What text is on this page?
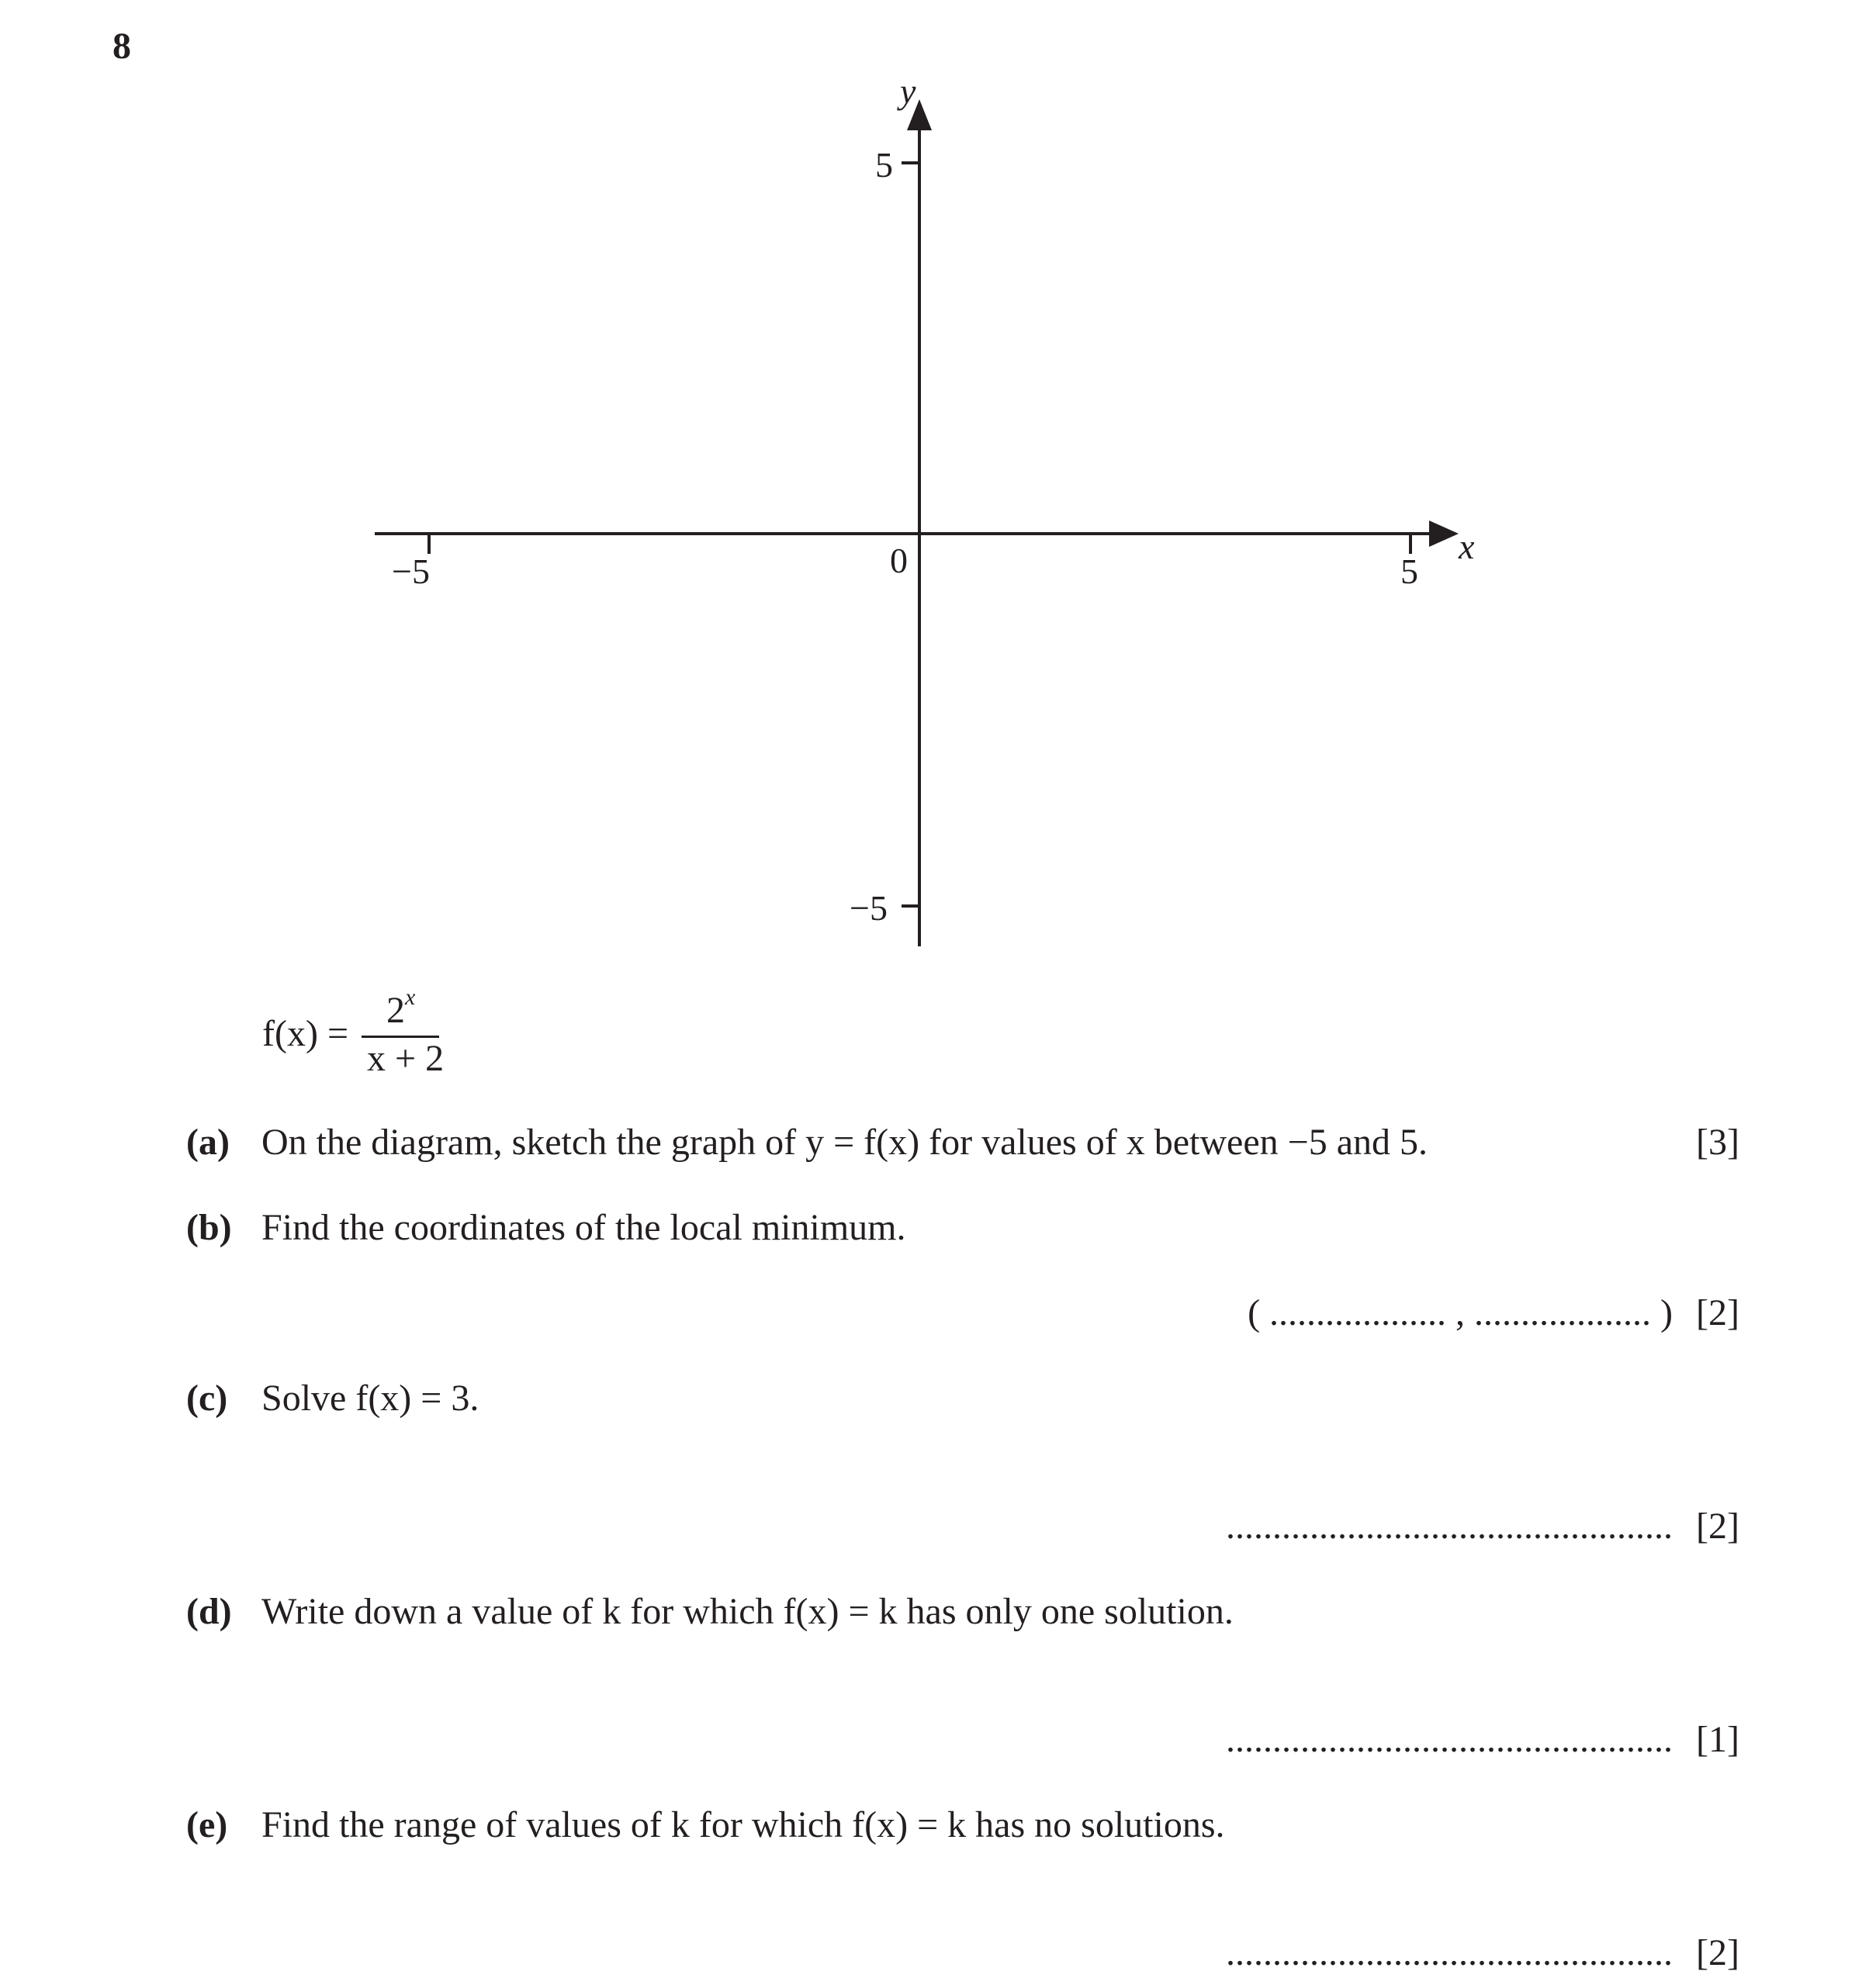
8
x
y
0
−5	5
5
−5
f(x) =
$2^x$
x + 2
(a) On the diagram, sketch the graph of y = f(x) for values of x between −5 and 5.	[3]
(b) Find the coordinates of the local minimum.
( ................... , ................... ) [2]
(c) Solve f(x) = 3.
................................................ [2]
(d) Write down a value of k for which f(x) = k has only one solution.
................................................ [1]
(e) Find the range of values of k for which f(x) = k has no solutions.
................................................ [2]
